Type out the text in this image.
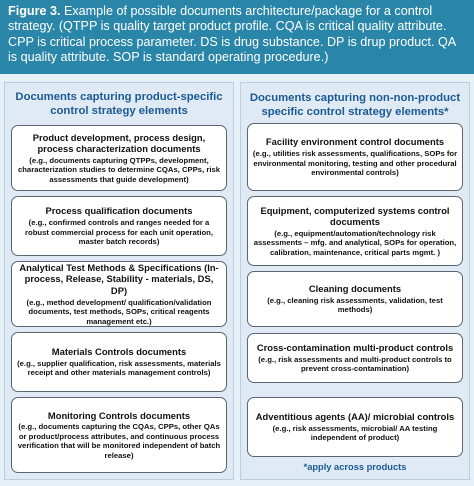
Figure 3. Example of possible documents architecture/package for a control strategy. (QTPP is quality target product profile. CQA is critical quality attribute. CPP is critical process parameter. DS is drug substance. DP is drup product. QA is quality attribute. SOP is standard operating procedure.)
Documents capturing product-specific control strategy elements
Product development, process design, process characterization documents
(e.g., documents capturing QTPPs, development, characterization studies to determine CQAs, CPPs, risk assessments that guide development)
Process qualification documents
(e.g., confirmed controls and ranges needed for a robust commercial process for each unit operation, master batch records)
Analytical Test Methods & Specifications (In-process, Release, Stability - materials, DS, DP)
(e.g., method development/ qualification/validation documents, test methods, SOPs, critical reagents management etc.)
Materials Controls documents
(e.g., supplier qualification, risk assessments, materials receipt and other materials management controls)
Monitoring Controls documents
(e.g., documents capturing the CQAs, CPPs, other QAs or product/process attributes, and continuous process verification that will be monitored independent of batch release)
Documents capturing non-non-product specific control strategy elements*
Facility environment control documents
(e.g., utilities risk assessments, qualifications, SOPs for environmental monitoring, testing and other procedural environmental controls)
Equipment, computerized systems control documents
(e.g., equipment/automation/technology risk assessments – mfg. and analytical, SOPs for operation, calibration, maintenance, critical parts mgmt. )
Cleaning documents
(e.g., cleaning risk assessments, validation, test methods)
Cross-contamination multi-product controls
(e.g., risk assessments and multi-product controls to prevent cross-contamination)
Adventitious agents (AA)/ microbial controls
(e.g., risk assessments, microbial/ AA testing independent of product)
*apply across products
